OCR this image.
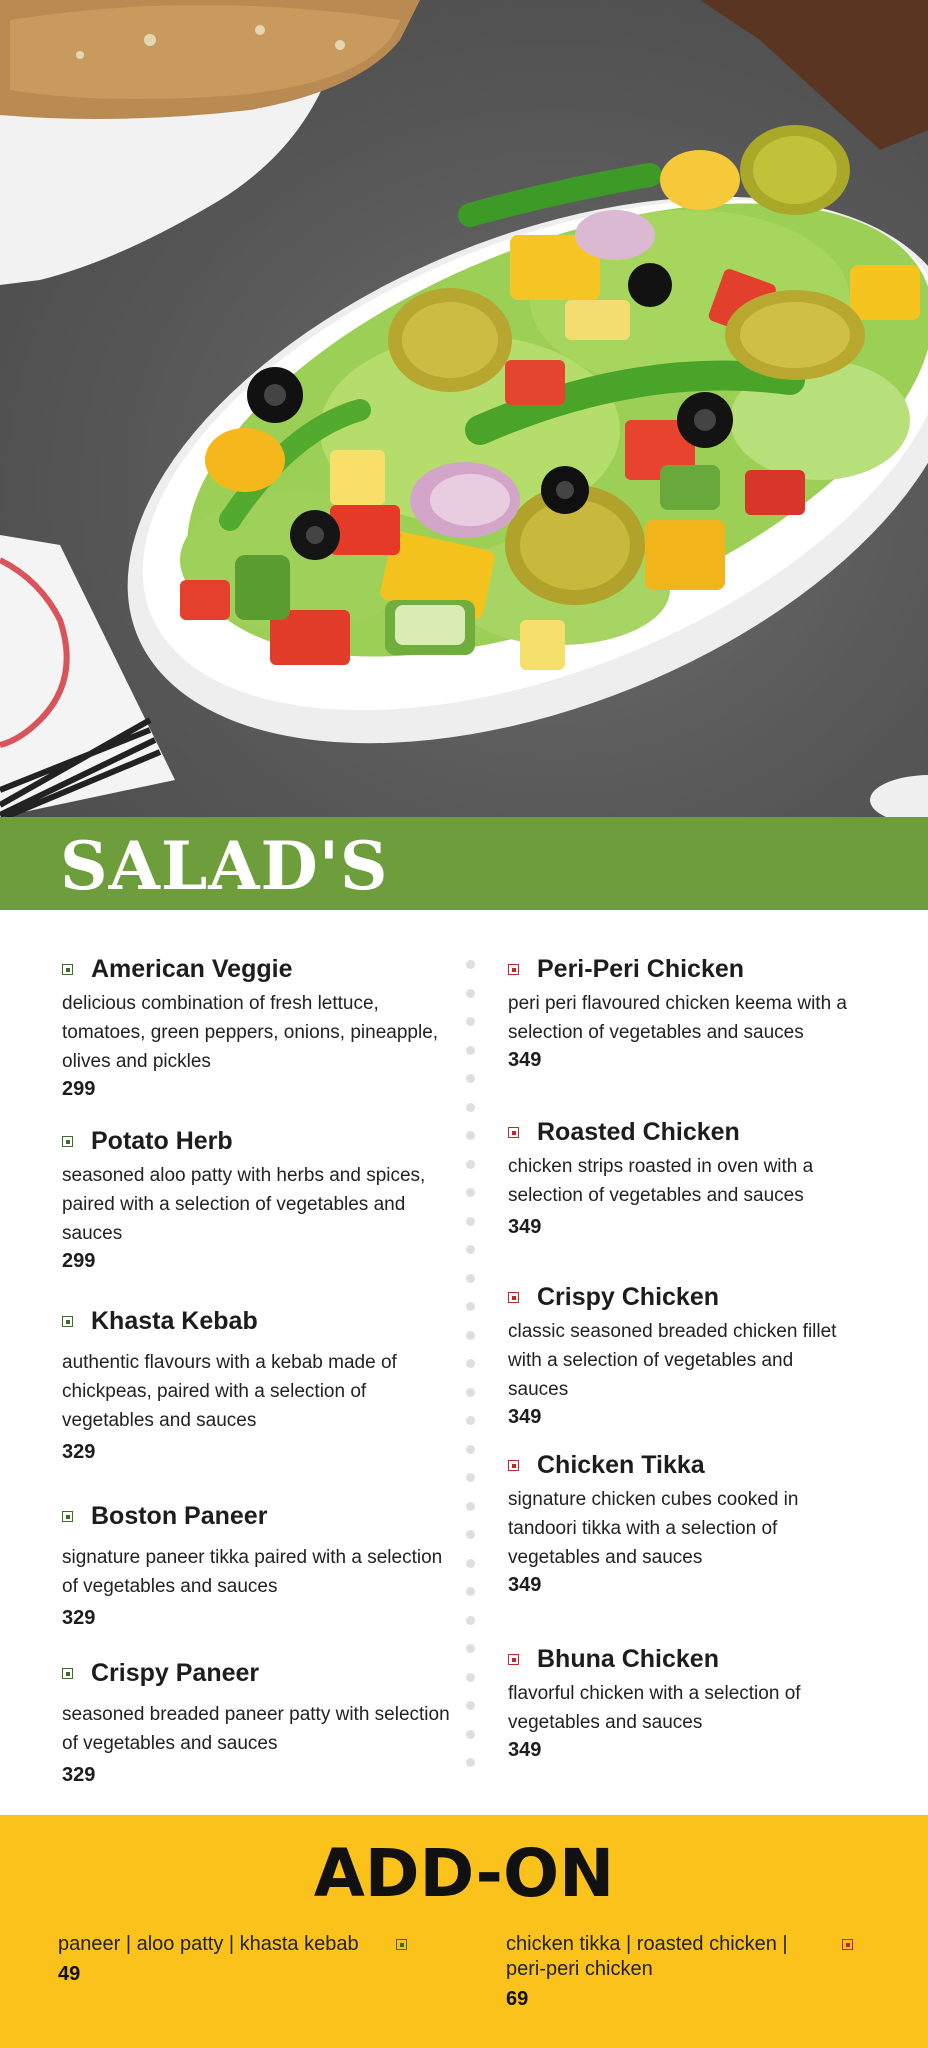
SALAD'S
American Veggie
delicious combination of fresh lettuce, tomatoes, green peppers, onions, pineapple, olives and pickles
299
Potato Herb
seasoned aloo patty with herbs and spices, paired with a selection of vegetables and sauces
299
Khasta Kebab
authentic flavours with a kebab made of chickpeas, paired with a selection of vegetables and sauces
329
Boston Paneer
signature paneer tikka paired with a selection of vegetables and sauces
329
Crispy Paneer
seasoned breaded paneer patty with selection of vegetables and sauces
329
Peri-Peri Chicken
peri peri flavoured chicken keema with a selection of vegetables and sauces
349
Roasted Chicken
chicken strips roasted in oven with a selection of vegetables and sauces
349
Crispy Chicken
classic seasoned breaded chicken fillet with a selection of vegetables and sauces
349
Chicken Tikka
signature chicken cubes cooked in tandoori tikka with a selection of vegetables and sauces
349
Bhuna Chicken
flavorful chicken with a selection of vegetables and sauces
349
ADD-ON
paneer | aloo patty | khasta kebab
49
chicken tikka | roasted chicken | peri-peri chicken
69
